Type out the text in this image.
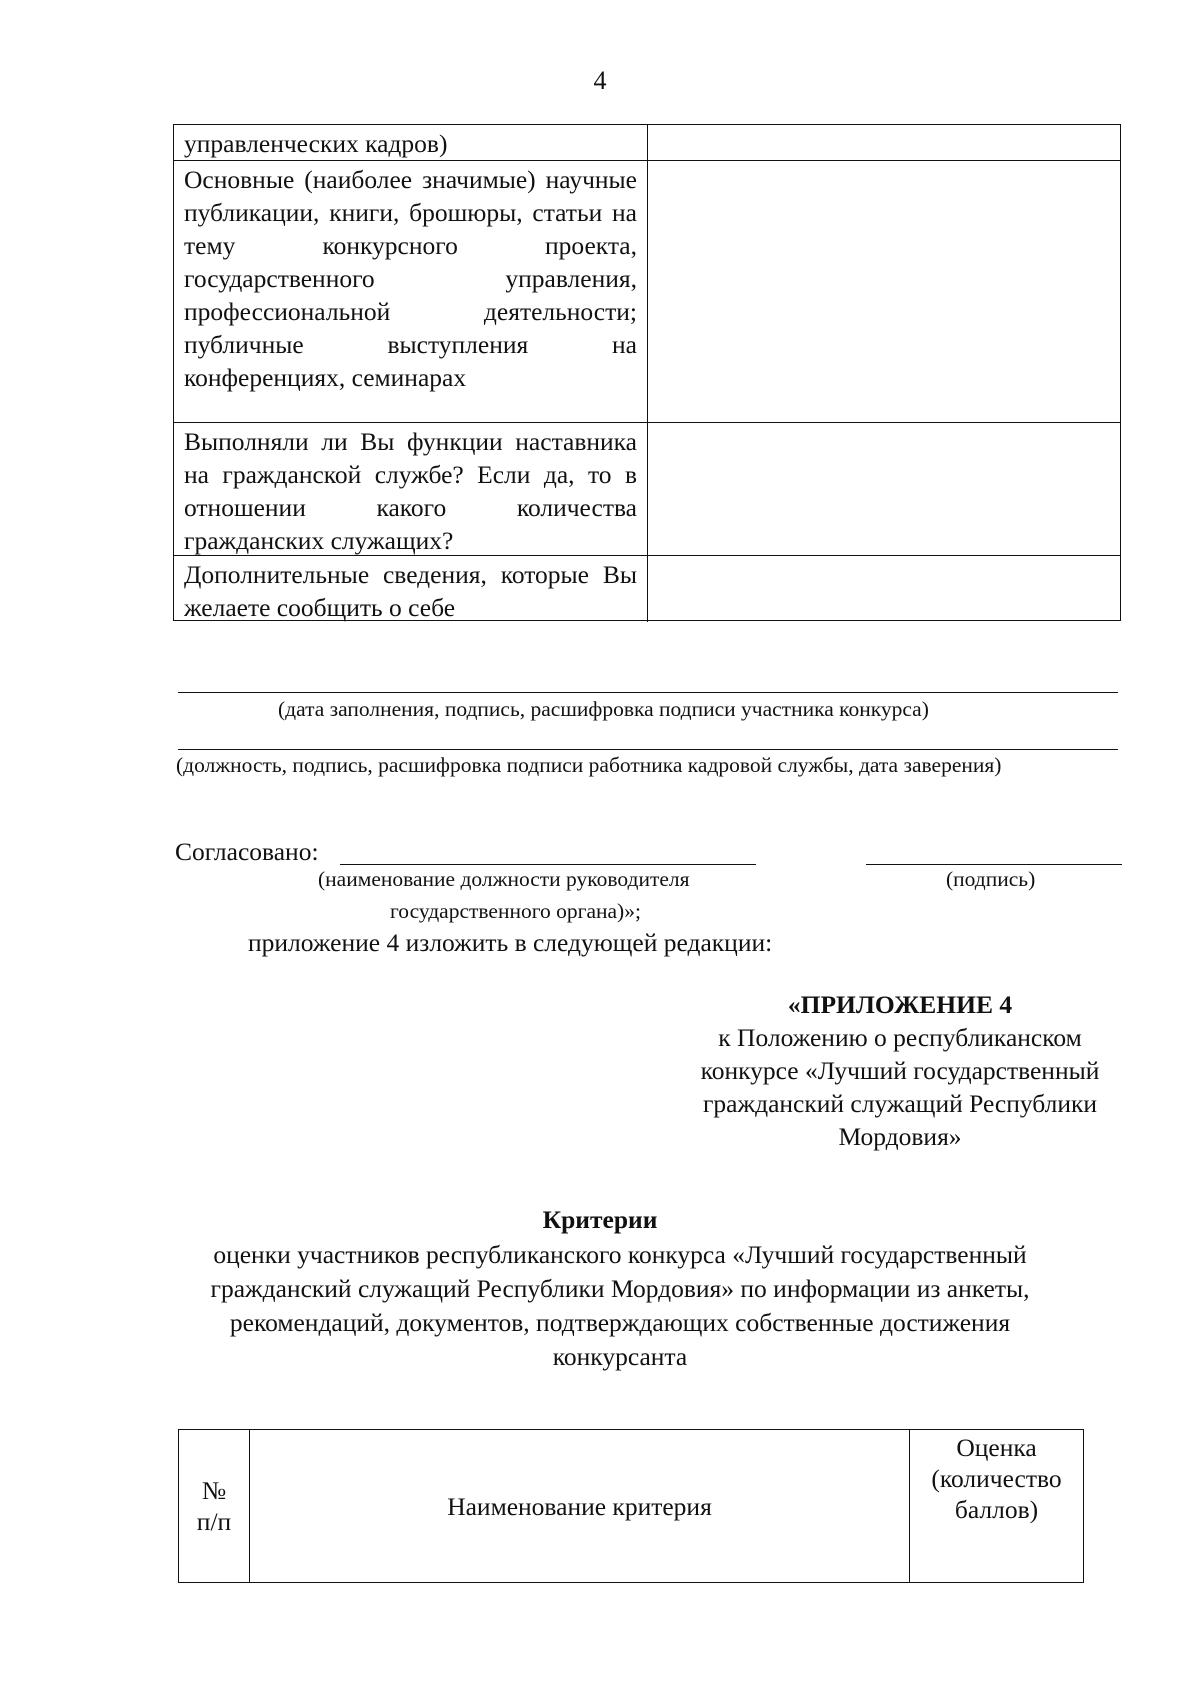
4
управленческих кадров)
Основные (наиболее значимые) научные публикации, книги, брошюры, статьи на тему конкурсного проекта, государственного управления, профессиональной деятельности; публичные выступления на конференциях, семинарах
Выполняли ли Вы функции наставника на гражданской службе? Если да, то в отношении какого количества гражданских служащих?
Дополнительные сведения, которые Вы желаете сообщить о себе
(дата заполнения, подпись, расшифровка подписи участника конкурса)
(должность, подпись, расшифровка подписи работника кадровой службы, дата заверения)
Согласовано:
(наименование должности руководителя	(подпись)
государственного органа)»;
приложение 4 изложить в следующей редакции:
«ПРИЛОЖЕНИЕ 4
к Положению о республиканском
конкурсе «Лучший государственный
гражданский служащий Республики
Мордовия»
Критерии
оценки участников республиканского конкурса «Лучший государственный
гражданский служащий Республики Мордовия» по информации из анкеты,
рекомендаций, документов, подтверждающих собственные достижения
конкурсанта
№
п/п
Наименование критерия
Оценка
(количество
баллов)
